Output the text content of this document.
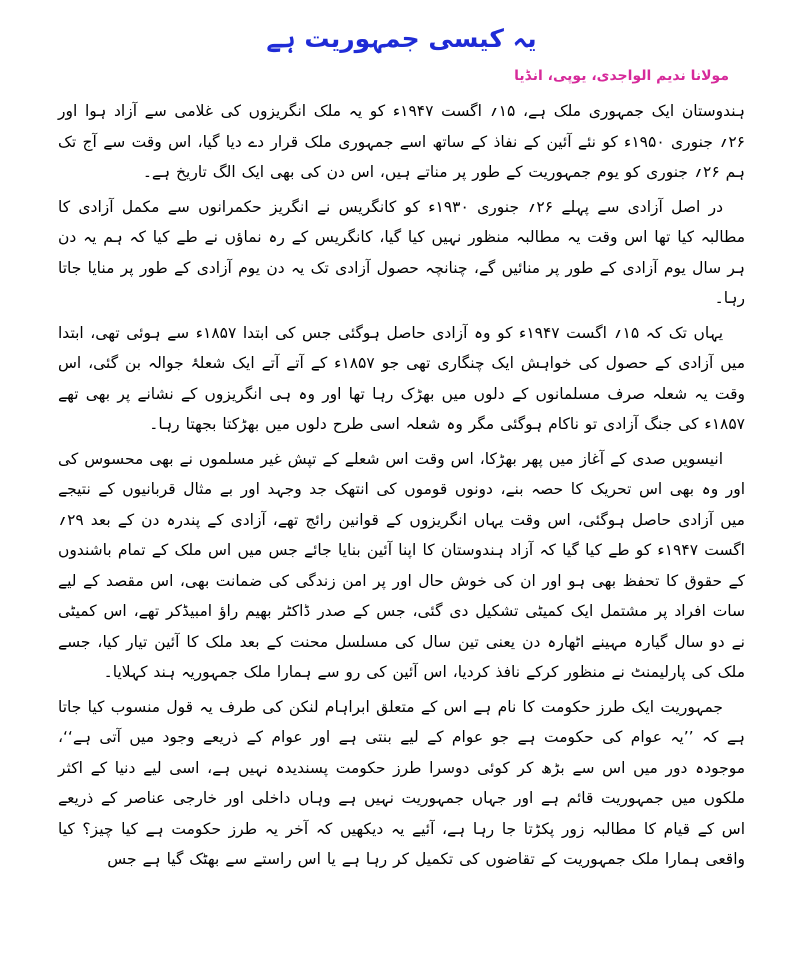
یہ کیسی جمہوریت ہے
مولانا ندیم الواجدی، یوپی، انڈیا

ہندوستان ایک جمہوری ملک ہے، ۱۵؍ اگست ۱۹۴۷ء کو یہ ملک انگریزوں کی غلامی سے آزاد ہوا اور ۲۶؍ جنوری ۱۹۵۰ء کو نئے آئین کے نفاذ کے ساتھ اسے جمہوری ملک قرار دے دیا گیا، اس وقت سے آج تک ہم ۲۶؍ جنوری کو یوم جمہوریت کے طور پر مناتے ہیں، اس دن کی بھی ایک الگ تاریخ ہے۔

در اصل آزادی سے پہلے ۲۶؍ جنوری ۱۹۳۰ء کو کانگریس نے انگریز حکمرانوں سے مکمل آزادی کا مطالبہ کیا تھا اس وقت یہ مطالبہ منظور نہیں کیا گیا، کانگریس کے رہ نماؤں نے طے کیا کہ ہم یہ دن ہر سال یوم آزادی کے طور پر منائیں گے، چنانچہ حصول آزادی تک یہ دن یوم آزادی کے طور پر منایا جاتا رہا۔

یہاں تک کہ ۱۵؍ اگست ۱۹۴۷ء کو وہ آزادی حاصل ہوگئی جس کی ابتدا ۱۸۵۷ء سے ہوئی تھی، ابتدا میں آزادی کے حصول کی خواہش ایک چنگاری تھی جو ۱۸۵۷ء کے آتے آتے ایک شعلۂ جوالہ بن گئی، اس وقت یہ شعلہ صرف مسلمانوں کے دلوں میں بھڑک رہا تھا اور وہ ہی انگریزوں کے نشانے پر بھی تھے ۱۸۵۷ء کی جنگ آزادی تو ناکام ہوگئی مگر وہ شعلہ اسی طرح دلوں میں بھڑکتا بجھتا رہا۔

انیسویں صدی کے آغاز میں پھر بھڑکا، اس وقت اس شعلے کے تپش غیر مسلموں نے بھی محسوس کی اور وہ بھی اس تحریک کا حصہ بنے، دونوں قوموں کی انتھک جد وجہد اور بے مثال قربانیوں کے نتیجے میں آزادی حاصل ہوگئی، اس وقت یہاں انگریزوں کے قوانین رائج تھے، آزادی کے پندرہ دن کے بعد ۲۹؍ اگست ۱۹۴۷ء کو طے کیا گیا کہ آزاد ہندوستان کا اپنا آئین بنایا جائے جس میں اس ملک کے تمام باشندوں کے حقوق کا تحفظ بھی ہو اور ان کی خوش حال اور پر امن زندگی کی ضمانت بھی، اس مقصد کے لیے سات افراد پر مشتمل ایک کمیٹی تشکیل دی گئی، جس کے صدر ڈاکٹر بھیم راؤ امبیڈکر تھے، اس کمیٹی نے دو سال گیارہ مہینے اٹھارہ دن یعنی تین سال کی مسلسل محنت کے بعد ملک کا آئین تیار کیا، جسے ملک کی پارلیمنٹ نے منظور کرکے نافذ کردیا، اس آئین کی رو سے ہمارا ملک جمہوریہ ہند کہلایا۔

جمہوریت ایک طرز حکومت کا نام ہے اس کے متعلق ابراہام لنکن کی طرف یہ قول منسوب کیا جاتا ہے کہ ’’یہ عوام کی حکومت ہے جو عوام کے لیے بنتی ہے اور عوام کے ذریعے وجود میں آتی ہے‘‘، موجودہ دور میں اس سے بڑھ کر کوئی دوسرا طرز حکومت پسندیدہ نہیں ہے، اسی لیے دنیا کے اکثر ملکوں میں جمہوریت قائم ہے اور جہاں جمہوریت نہیں ہے وہاں داخلی اور خارجی عناصر کے ذریعے اس کے قیام کا مطالبہ زور پکڑتا جا رہا ہے، آئیے یہ دیکھیں کہ آخر یہ طرز حکومت ہے کیا چیز؟ کیا واقعی ہمارا ملک جمہوریت کے تقاضوں کی تکمیل کر رہا ہے یا اس راستے سے بھٹک گیا ہے جس
